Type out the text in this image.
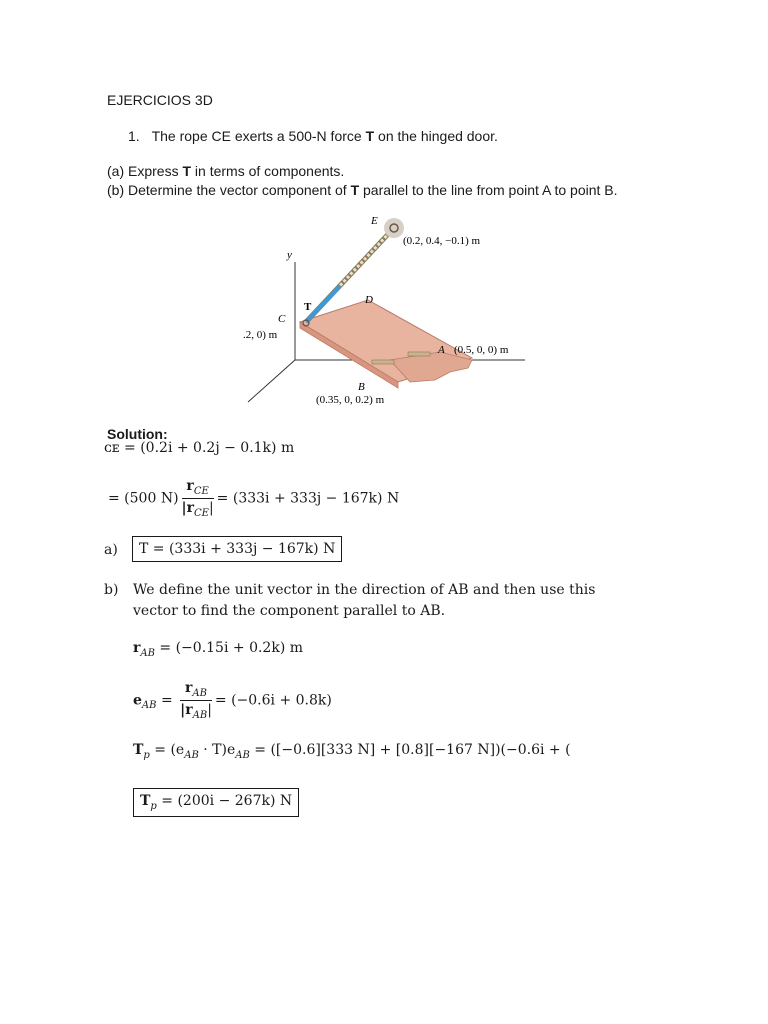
EJERCICIOS 3D
1. The rope CE exerts a 500-N force T on the hinged door.
(a) Express T in terms of components.
(b) Determine the vector component of T parallel to the line from point A to point B.
E
(0.2, 0.4, −0.1) m
y
T
D
C
.2, 0) m
A (0.5, 0, 0) m
B
(0.35, 0, 0.2) m
Solution:
ᴄᴇ = (0.2i + 0.2j − 0.1k) m
= (500 $N) \frac{r_{CE}}{|r_{CE}|} = (333i + 333j - 167k)$ N
a)	T = (333i + 333j − 167k) N
b) We define the unit vector in the direction of AB and then use this
vector to find the component parallel to AB.
$r_{AB} = (-0.15i + 0.2k)$ m
$e_{AB} = \frac{r_{AB}}{|r_{AB}|} = (-0.6i + 0.8k)$
$T_p = (e_{AB} \cdot T)e_{AB} = ([-0.6][333$ N] + [0.8][−167 N])(−0.6i + (
$T_p = (200i - 267k)$ N
